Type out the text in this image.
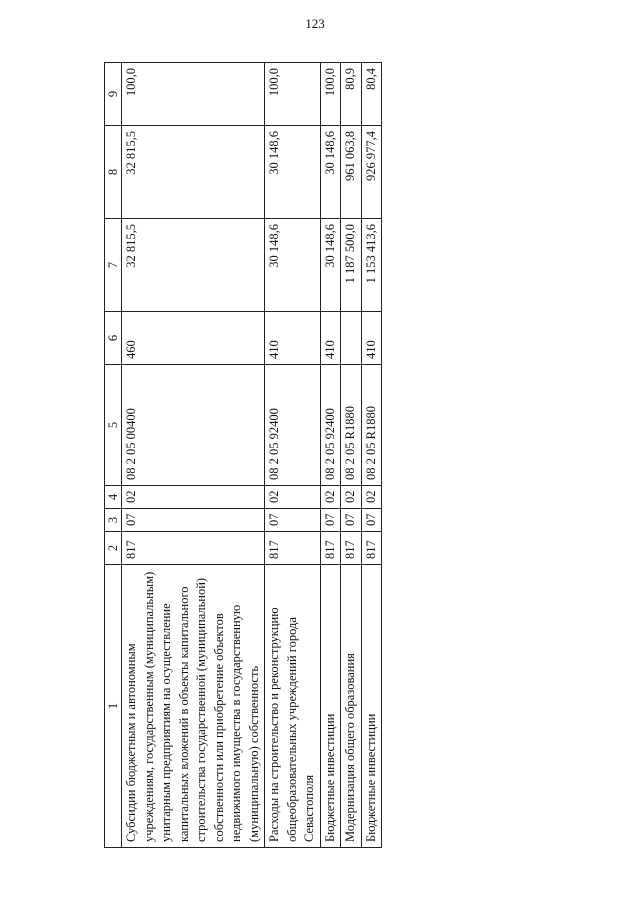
123
1	2	3	4	5	6	7	8	9
Субсидии бюджетным и автономным учреждениям, государственным (муниципальным) унитарным предприятиям на осуществление капитальных вложений в объекты капитального строительства государственной (муниципальной) собственности или приобретение объектов недвижимого имущества в государственную (муниципальную) собственность	817	07	02	08 2 05 00400	460	32 815,5	32 815,5	100,0
Расходы на строительство и реконструкцию общеобразовательных учреждений города Севастополя	817	07	02	08 2 05 92400	410	30 148,6	30 148,6	100,0
Бюджетные инвестиции	817	07	02	08 2 05 92400	410	30 148,6	30 148,6	100,0
Модернизация общего образования	817	07	02	08 2 05 R1880		1 187 500,0	961 063,8	80,9
Бюджетные инвестиции	817	07	02	08 2 05 R1880	410	1 153 413,6	926 977,4	80,4
